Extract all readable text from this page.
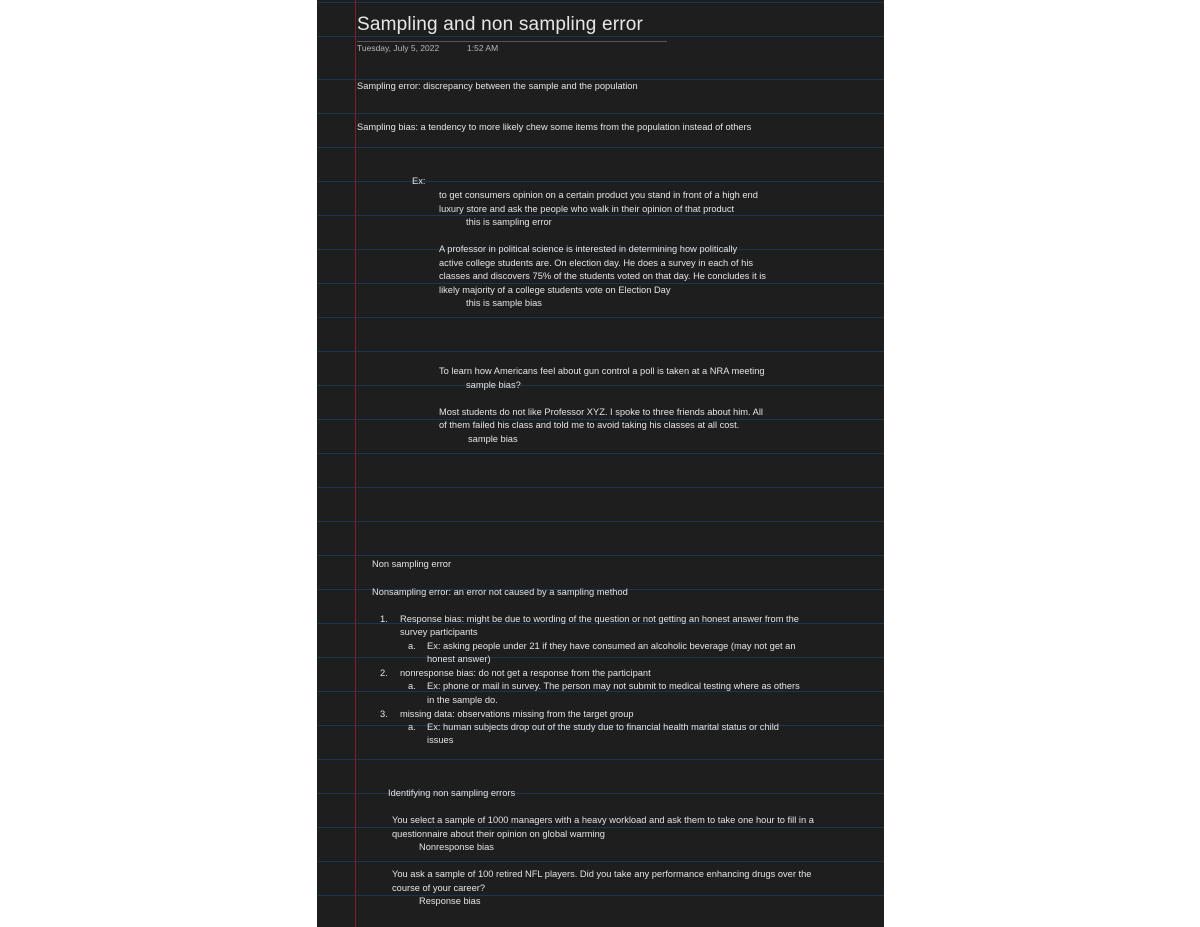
Sampling and non sampling error
Tuesday, July 5, 2022	1:52 AM
Sampling error: discrepancy between the sample and the population
Sampling bias: a tendency to more likely chew some items from the population instead of others
Ex:
to get consumers opinion on a certain product you stand in front of a high end
luxury store and ask the people who walk in their opinion of that product
this is sampling error
A professor in political science is interested in determining how politically
active college students are. On election day. He does a survey in each of his
classes and discovers 75% of the students voted on that day. He concludes it is
likely majority of a college students vote on Election Day
this is sample bias
To learn how Americans feel about gun control a poll is taken at a NRA meeting
sample bias?
Most students do not like Professor XYZ. I spoke to three friends about him. All
of them failed his class and told me to avoid taking his classes at all cost.
sample bias
Non sampling error
Nonsampling error: an error not caused by a sampling method
1. Response bias: might be due to wording of the question or not getting an honest answer from the
survey participants
a. Ex: asking people under 21 if they have consumed an alcoholic beverage (may not get an
honest answer)
2. nonresponse bias: do not get a response from the participant
a. Ex: phone or mail in survey. The person may not submit to medical testing where as others
in the sample do.
3. missing data: observations missing from the target group
a. Ex: human subjects drop out of the study due to financial health marital status or child
issues
Identifying non sampling errors
You select a sample of 1000 managers with a heavy workload and ask them to take one hour to fill in a
questionnaire about their opinion on global warming
Nonresponse bias
You ask a sample of 100 retired NFL players. Did you take any performance enhancing drugs over the
course of your career?
Response bias
